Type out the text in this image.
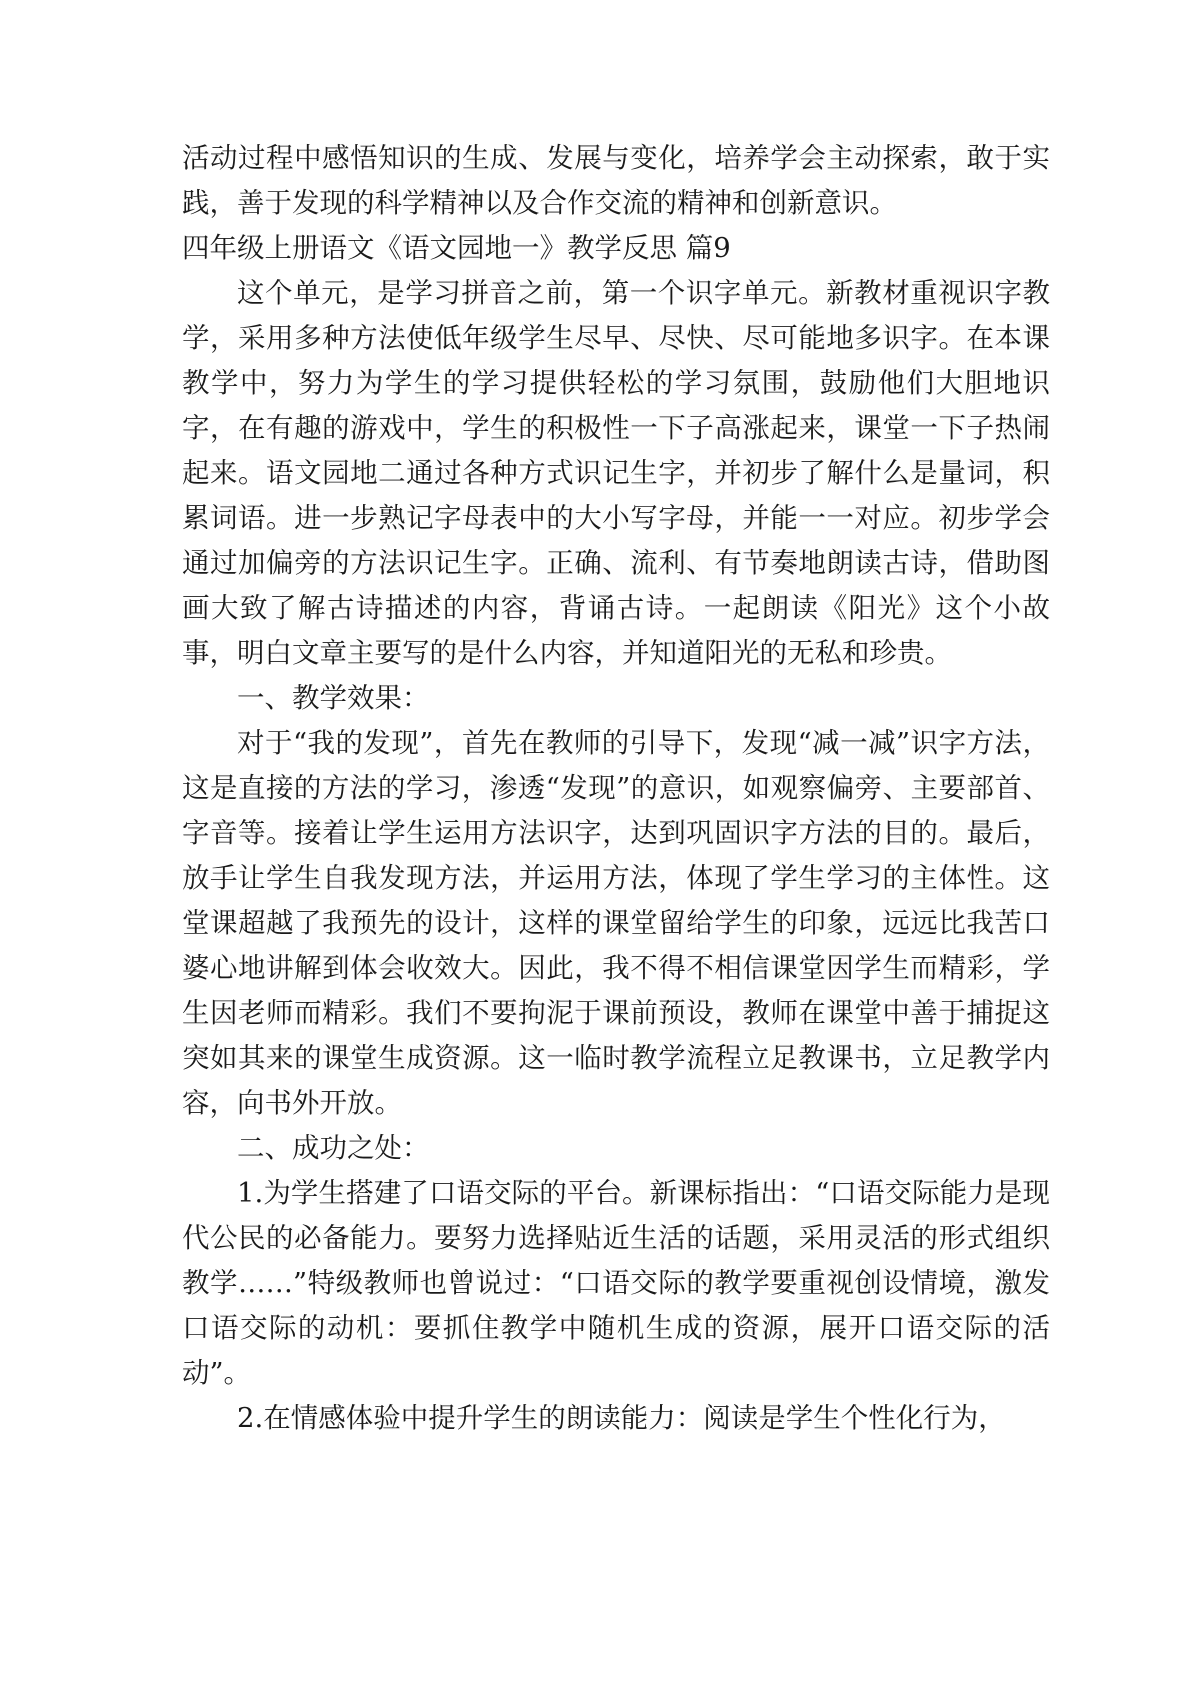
活动过程中感悟知识的生成、发展与变化，培养学会主动探索，敢于实践，善于发现的科学精神以及合作交流的精神和创新意识。

四年级上册语文《语文园地一》教学反思 篇9

这个单元，是学习拼音之前，第一个识字单元。新教材重视识字教学，采用多种方法使低年级学生尽早、尽快、尽可能地多识字。在本课教学中，努力为学生的学习提供轻松的学习氛围，鼓励他们大胆地识字，在有趣的游戏中，学生的积极性一下子高涨起来，课堂一下子热闹起来。语文园地二通过各种方式识记生字，并初步了解什么是量词，积累词语。进一步熟记字母表中的大小写字母，并能一一对应。初步学会通过加偏旁的方法识记生字。正确、流利、有节奏地朗读古诗，借助图画大致了解古诗描述的内容，背诵古诗。一起朗读《阳光》这个小故事，明白文章主要写的是什么内容，并知道阳光的无私和珍贵。

一、教学效果：

对于“我的发现”，首先在教师的引导下，发现“减一减”识字方法，这是直接的方法的学习，渗透“发现”的意识，如观察偏旁、主要部首、字音等。接着让学生运用方法识字，达到巩固识字方法的目的。最后，放手让学生自我发现方法，并运用方法，体现了学生学习的主体性。这堂课超越了我预先的设计，这样的课堂留给学生的印象，远远比我苦口婆心地讲解到体会收效大。因此，我不得不相信课堂因学生而精彩，学生因老师而精彩。我们不要拘泥于课前预设，教师在课堂中善于捕捉这突如其来的课堂生成资源。这一临时教学流程立足教课书，立足教学内容，向书外开放。

二、成功之处：

1.为学生搭建了口语交际的平台。新课标指出：“口语交际能力是现代公民的必备能力。要努力选择贴近生活的话题，采用灵活的形式组织教学……”特级教师也曾说过：“口语交际的教学要重视创设情境，激发口语交际的动机：要抓住教学中随机生成的资源，展开口语交际的活动”。

2.在情感体验中提升学生的朗读能力：阅读是学生个性化行为，
